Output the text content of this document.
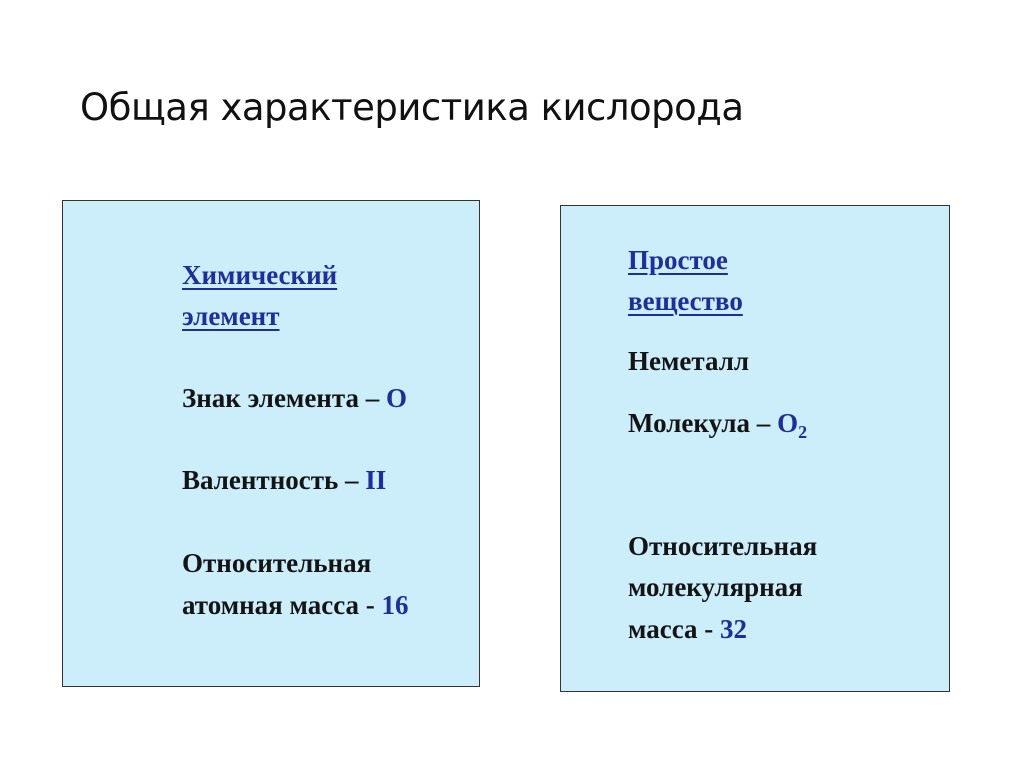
Общая характеристика кислорода
Химический
элемент
Знак элемента – О
Валентность – II
Относительная
атомная масса - 16
Простое
вещество
Неметалл
Молекула – $О_2$
Относительная
молекулярная
масса - 32
